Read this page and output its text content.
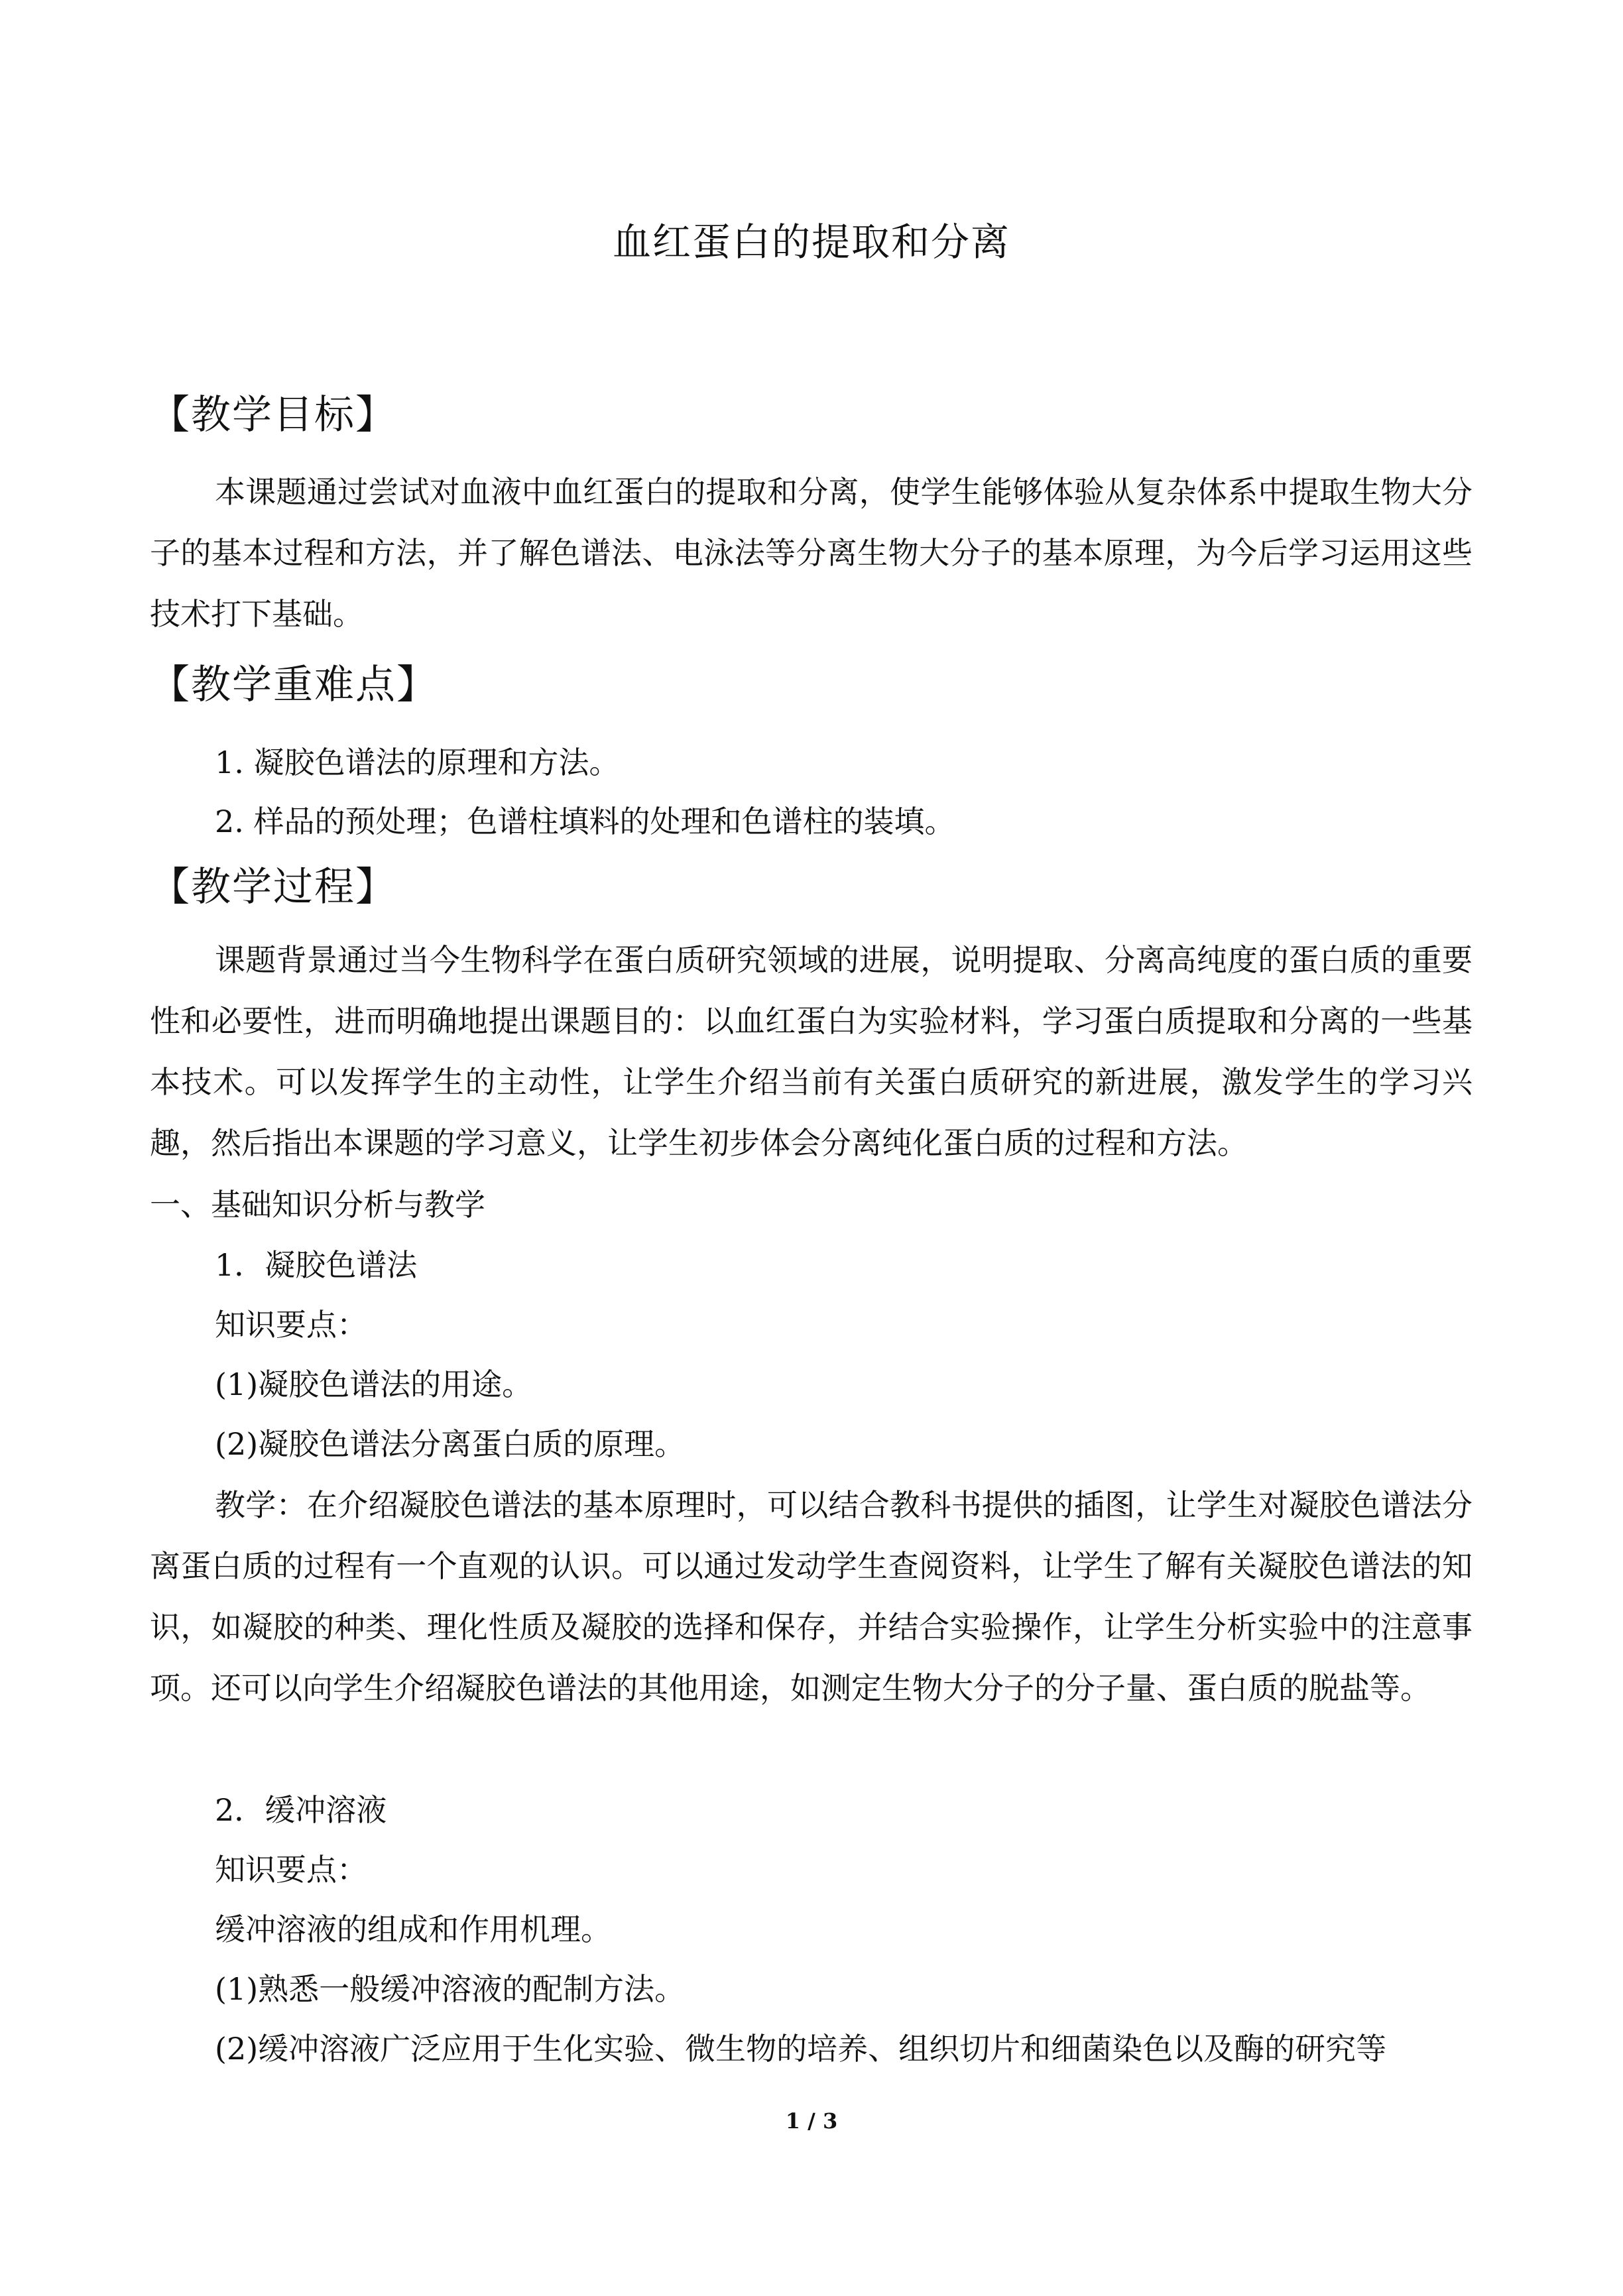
血红蛋白的提取和分离
【教学目标】

本课题通过尝试对血液中血红蛋白的提取和分离，使学生能够体验从复杂体系中提取生物大分子的基本过程和方法，并了解色谱法、电泳法等分离生物大分子的基本原理，为今后学习运用这些技术打下基础。

【教学重难点】
1. 凝胶色谱法的原理和方法。
2. 样品的预处理；色谱柱填料的处理和色谱柱的装填。
【教学过程】

课题背景通过当今生物科学在蛋白质研究领域的进展，说明提取、分离高纯度的蛋白质的重要性和必要性，进而明确地提出课题目的：以血红蛋白为实验材料，学习蛋白质提取和分离的一些基本技术。可以发挥学生的主动性，让学生介绍当前有关蛋白质研究的新进展，激发学生的学习兴趣，然后指出本课题的学习意义，让学生初步体会分离纯化蛋白质的过程和方法。

一、基础知识分析与教学
1．凝胶色谱法
知识要点：
(1)凝胶色谱法的用途。
(2)凝胶色谱法分离蛋白质的原理。

教学：在介绍凝胶色谱法的基本原理时，可以结合教科书提供的插图，让学生对凝胶色谱法分离蛋白质的过程有一个直观的认识。可以通过发动学生查阅资料，让学生了解有关凝胶色谱法的知识，如凝胶的种类、理化性质及凝胶的选择和保存，并结合实验操作，让学生分析实验中的注意事项。还可以向学生介绍凝胶色谱法的其他用途，如测定生物大分子的分子量、蛋白质的脱盐等。

2．缓冲溶液
知识要点：
缓冲溶液的组成和作用机理。
(1)熟悉一般缓冲溶液的配制方法。
(2)缓冲溶液广泛应用于生化实验、微生物的培养、组织切片和细菌染色以及酶的研究等
1 / 3
